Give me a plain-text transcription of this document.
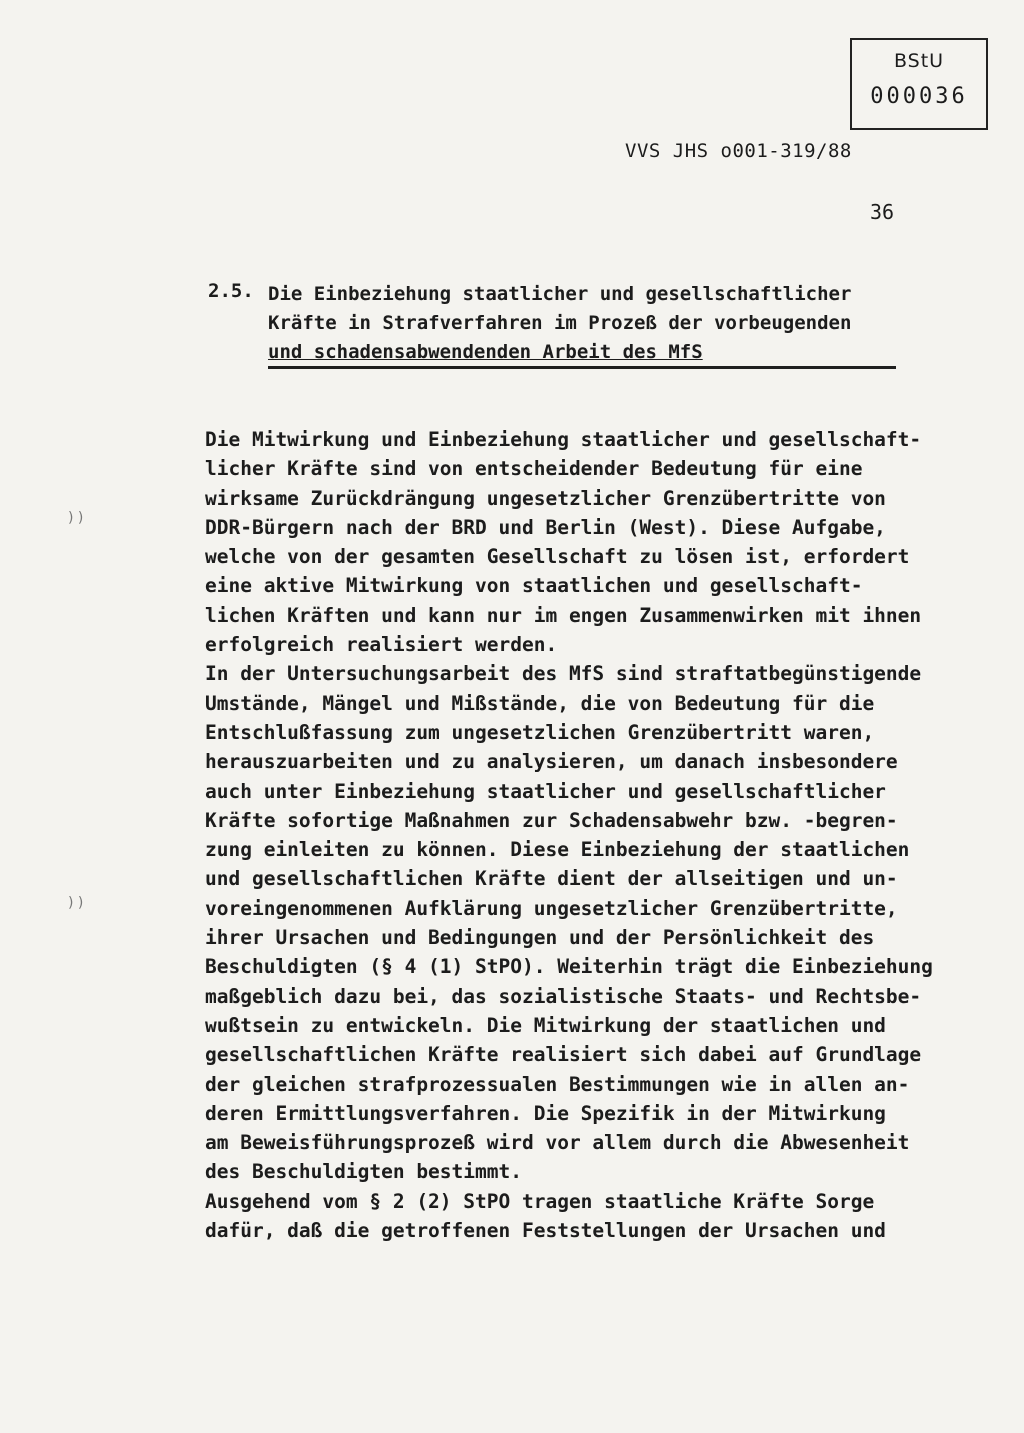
BStU
000036
VVS JHS o001-319/88
36
2.5. Die Einbeziehung staatlicher und gesellschaftlicher
Kräfte in Strafverfahren im Prozeß der vorbeugenden
und schadensabwendenden Arbeit des MfS
) )
) )
Die Mitwirkung und Einbeziehung staatlicher und gesellschaft-
licher Kräfte sind von entscheidender Bedeutung für eine
wirksame Zurückdrängung ungesetzlicher Grenzübertritte von
DDR-Bürgern nach der BRD und Berlin (West). Diese Aufgabe,
welche von der gesamten Gesellschaft zu lösen ist, erfordert
eine aktive Mitwirkung von staatlichen und gesellschaft-
lichen Kräften und kann nur im engen Zusammenwirken mit ihnen
erfolgreich realisiert werden.
In der Untersuchungsarbeit des MfS sind straftatbegünstigende
Umstände, Mängel und Mißstände, die von Bedeutung für die
Entschlußfassung zum ungesetzlichen Grenzübertritt waren,
herauszuarbeiten und zu analysieren, um danach insbesondere
auch unter Einbeziehung staatlicher und gesellschaftlicher
Kräfte sofortige Maßnahmen zur Schadensabwehr bzw. -begren-
zung einleiten zu können. Diese Einbeziehung der staatlichen
und gesellschaftlichen Kräfte dient der allseitigen und un-
voreingenommenen Aufklärung ungesetzlicher Grenzübertritte,
ihrer Ursachen und Bedingungen und der Persönlichkeit des
Beschuldigten (§ 4 (1) StPO). Weiterhin trägt die Einbeziehung
maßgeblich dazu bei, das sozialistische Staats- und Rechtsbe-
wußtsein zu entwickeln. Die Mitwirkung der staatlichen und
gesellschaftlichen Kräfte realisiert sich dabei auf Grundlage
der gleichen strafprozessualen Bestimmungen wie in allen an-
deren Ermittlungsverfahren. Die Spezifik in der Mitwirkung
am Beweisführungsprozeß wird vor allem durch die Abwesenheit
des Beschuldigten bestimmt.
Ausgehend vom § 2 (2) StPO tragen staatliche Kräfte Sorge
dafür, daß die getroffenen Feststellungen der Ursachen und
